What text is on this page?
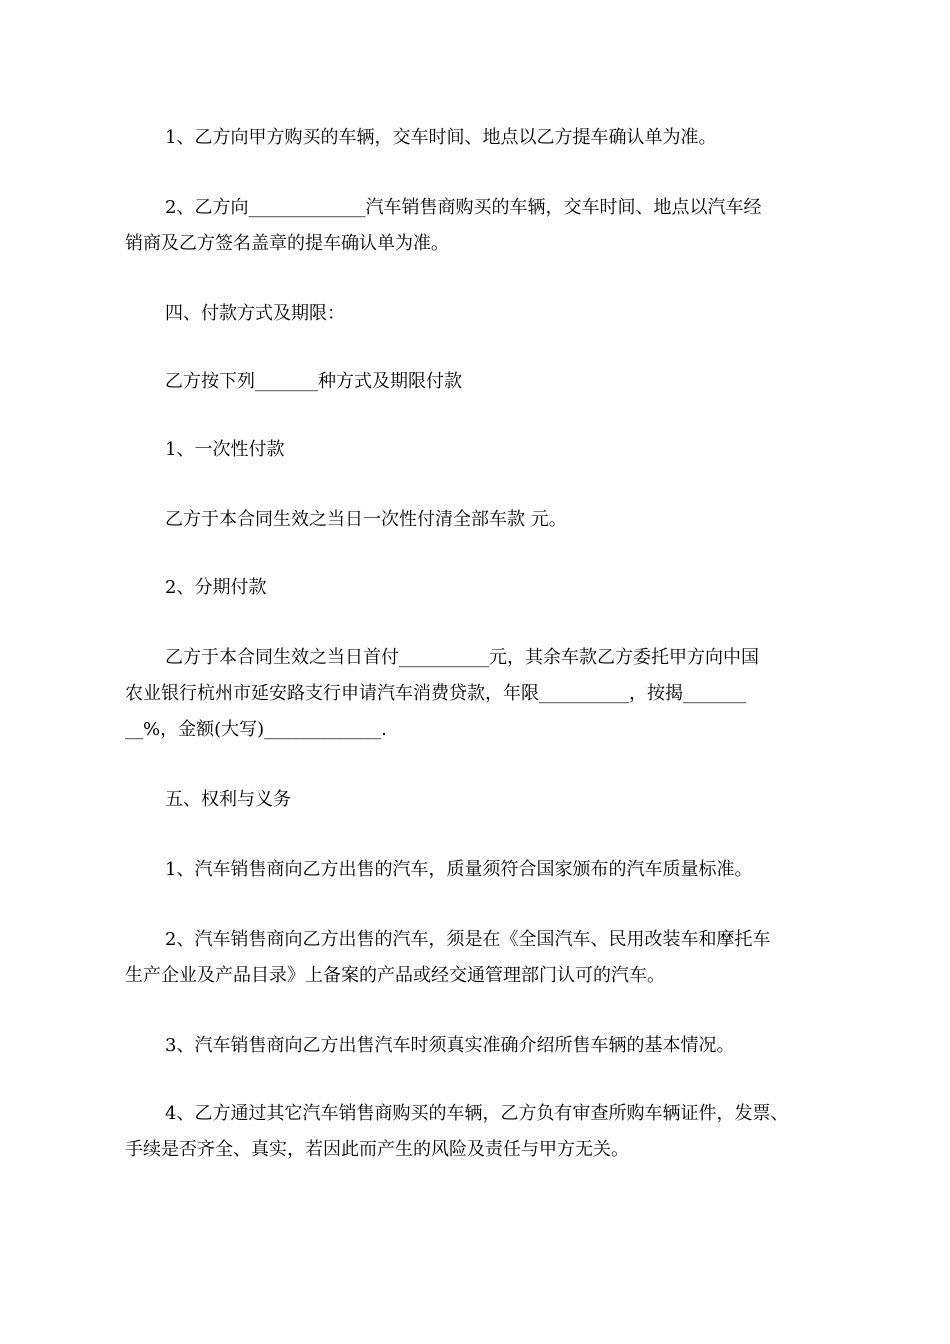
1、乙方向甲方购买的车辆，交车时间、地点以乙方提车确认单为准。

2、乙方向_____________汽车销售商购买的车辆，交车时间、地点以汽车经
销商及乙方签名盖章的提车确认单为准。

四、付款方式及期限：

乙方按下列_______种方式及期限付款

1、一次性付款

乙方于本合同生效之当日一次性付清全部车款 元。

2、分期付款

乙方于本合同生效之当日首付__________元，其余车款乙方委托甲方向中国
农业银行杭州市延安路支行申请汽车消费贷款，年限__________，按揭_______
__%，金额(大写)_____________.

五、权利与义务

1、汽车销售商向乙方出售的汽车，质量须符合国家颁布的汽车质量标准。

2、汽车销售商向乙方出售的汽车，须是在《全国汽车、民用改装车和摩托车
生产企业及产品目录》上备案的产品或经交通管理部门认可的汽车。

3、汽车销售商向乙方出售汽车时须真实准确介绍所售车辆的基本情况。

4、乙方通过其它汽车销售商购买的车辆，乙方负有审查所购车辆证件，发票、
手续是否齐全、真实，若因此而产生的风险及责任与甲方无关。
